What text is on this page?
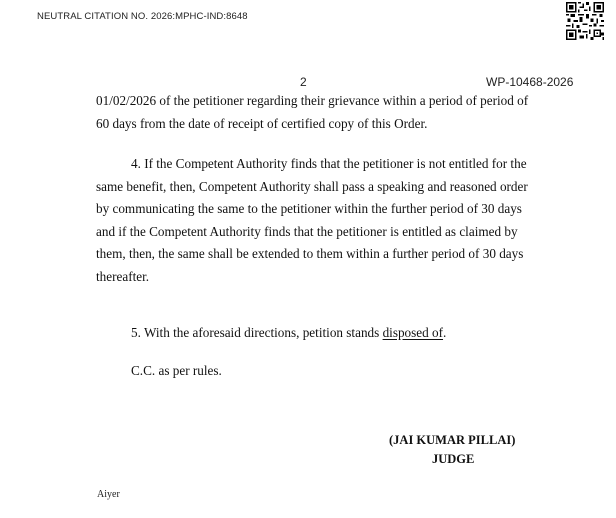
NEUTRAL CITATION NO. 2026:MPHC-IND:8648
2	WP-10468-2026
01/02/2026 of the petitioner regarding their grievance within a period of period of
60 days from the date of receipt of certified copy of this Order.
4. If the Competent Authority finds that the petitioner is not entitled for the
same benefit, then, Competent Authority shall pass a speaking and reasoned order
by communicating the same to the petitioner within the further period of 30 days
and if the Competent Authority finds that the petitioner is entitled as claimed by
them, then, the same shall be extended to them within a further period of 30 days
thereafter.
5. With the aforesaid directions, petition stands disposed of.
C.C. as per rules.
(JAI KUMAR PILLAI)
JUDGE
Aiyer
